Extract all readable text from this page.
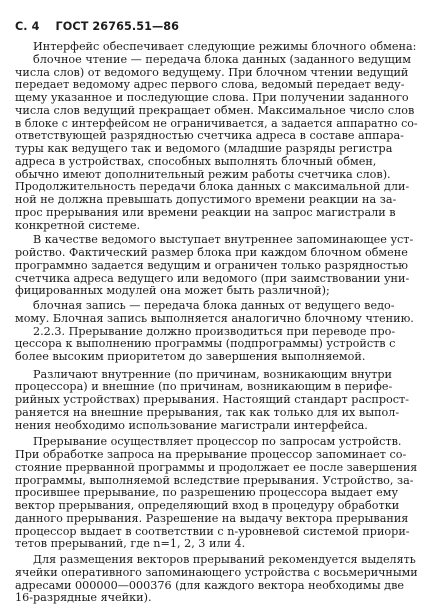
С. 4 ГОСТ 26765.51—86
Интерфейс обеспечивает следующие режимы блочного обмена:
блочное чтение — передача блока данных (заданного ведущим
числа слов) от ведомого ведущему. При блочном чтении ведущий
передает ведомому адрес первого слова, ведомый передает веду-
щему указанное и последующие слова. При получении заданного
числа слов ведущий прекращает обмен. Максимальное число слов
в блоке с интерфейсом не ограничивается, а задается аппаратно со-
ответствующей разрядностью счетчика адреса в составе аппара-
туры как ведущего так и ведомого (младшие разряды регистра
адреса в устройствах, способных выполнять блочный обмен,
обычно имеют дополнительный режим работы счетчика слов).
Продолжительность передачи блока данных с максимальной дли-
ной не должна превышать допустимого времени реакции на за-
прос прерывания или времени реакции на запрос магистрали в
конкретной системе.
В качестве ведомого выступает внутреннее запоминающее уст-
ройство. Фактический размер блока при каждом блочном обмене
программно задается ведущим и ограничен только разрядностью
счетчика адреса ведущего или ведомого (при заимствовании уни-
фицированных модулей она может быть различной);
блочная запись — передача блока данных от ведущего ведо-
мому. Блочная запись выполняется аналогично блочному чтению.
2.2.3. Прерывание должно производиться при переводе про-
цессора к выполнению программы (подпрограммы) устройств с
более высоким приоритетом до завершения выполняемой.
Различают внутренние (по причинам, возникающим внутри
процессора) и внешние (по причинам, возникающим в перифе-
рийных устройствах) прерывания. Настоящий стандарт распрост-
раняется на внешние прерывания, так как только для их выпол-
нения необходимо использование магистрали интерфейса.
Прерывание осуществляет процессор по запросам устройств.
При обработке запроса на прерывание процессор запоминает со-
стояние прерванной программы и продолжает ее после завершения
программы, выполняемой вследствие прерывания. Устройство, за-
просившее прерывание, по разрешению процессора выдает ему
вектор прерывания, определяющий вход в процедуру обработки
данного прерывания. Разрешение на выдачу вектора прерывания
процессор выдает в соответствии с n-уровневой системой приори-
тетов прерываний, где n=1, 2, 3 или 4.
Для размещения векторов прерываний рекомендуется выделять
ячейки оперативного запоминающего устройства с восьмеричными
адресами 000000—000376 (для каждого вектора необходимы две
16-разрядные ячейки).
